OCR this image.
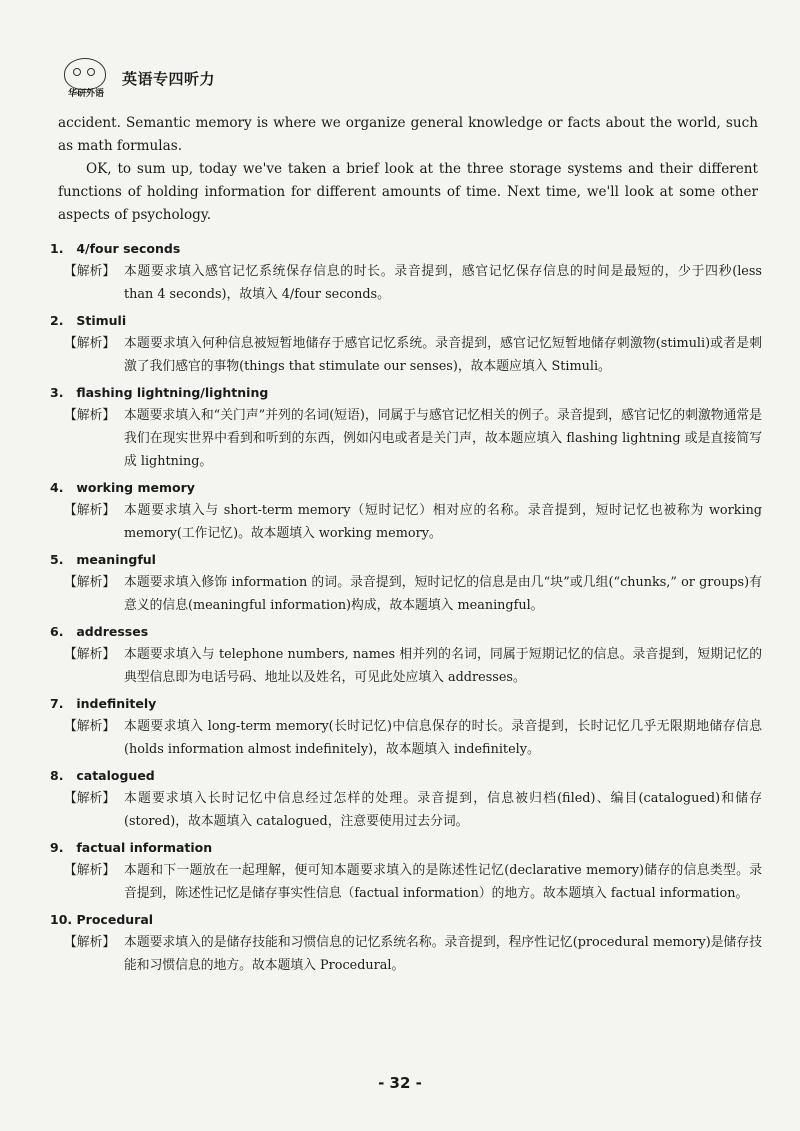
华研外语
英语专四听力

accident. Semantic memory is where we organize general knowledge or facts about the world, such as math formulas.

OK, to sum up, today we've taken a brief look at the three storage systems and their different functions of holding information for different amounts of time. Next time, we'll look at some other aspects of psychology.

1. 4/four seconds
【解析】 本题要求填入感官记忆系统保存信息的时长。录音提到，感官记忆保存信息的时间是最短的，少于四秒(less than 4 seconds)，故填入 4/four seconds。
2. Stimuli
【解析】 本题要求填入何种信息被短暂地储存于感官记忆系统。录音提到，感官记忆短暂地储存刺激物(stimuli)或者是刺激了我们感官的事物(things that stimulate our senses)，故本题应填入 Stimuli。
3. flashing lightning/lightning
【解析】 本题要求填入和“关门声”并列的名词(短语)，同属于与感官记忆相关的例子。录音提到，感官记忆的刺激物通常是我们在现实世界中看到和听到的东西，例如闪电或者是关门声，故本题应填入 flashing lightning 或是直接简写成 lightning。
4. working memory
【解析】 本题要求填入与 short-term memory（短时记忆）相对应的名称。录音提到，短时记忆也被称为 working memory(工作记忆)。故本题填入 working memory。
5. meaningful
【解析】 本题要求填入修饰 information 的词。录音提到，短时记忆的信息是由几“块”或几组(“chunks,” or groups)有意义的信息(meaningful information)构成，故本题填入 meaningful。
6. addresses
【解析】 本题要求填入与 telephone numbers, names 相并列的名词，同属于短期记忆的信息。录音提到，短期记忆的典型信息即为电话号码、地址以及姓名，可见此处应填入 addresses。
7. indefinitely
【解析】 本题要求填入 long-term memory(长时记忆)中信息保存的时长。录音提到，长时记忆几乎无限期地储存信息(holds information almost indefinitely)，故本题填入 indefinitely。
8. catalogued
【解析】 本题要求填入长时记忆中信息经过怎样的处理。录音提到，信息被归档(filed)、编目(catalogued)和储存(stored)，故本题填入 catalogued，注意要使用过去分词。
9. factual information
【解析】 本题和下一题放在一起理解，便可知本题要求填入的是陈述性记忆(declarative memory)储存的信息类型。录音提到，陈述性记忆是储存事实性信息（factual information）的地方。故本题填入 factual information。
10. Procedural
【解析】 本题要求填入的是储存技能和习惯信息的记忆系统名称。录音提到，程序性记忆(procedural memory)是储存技能和习惯信息的地方。故本题填入 Procedural。
- 32 -
